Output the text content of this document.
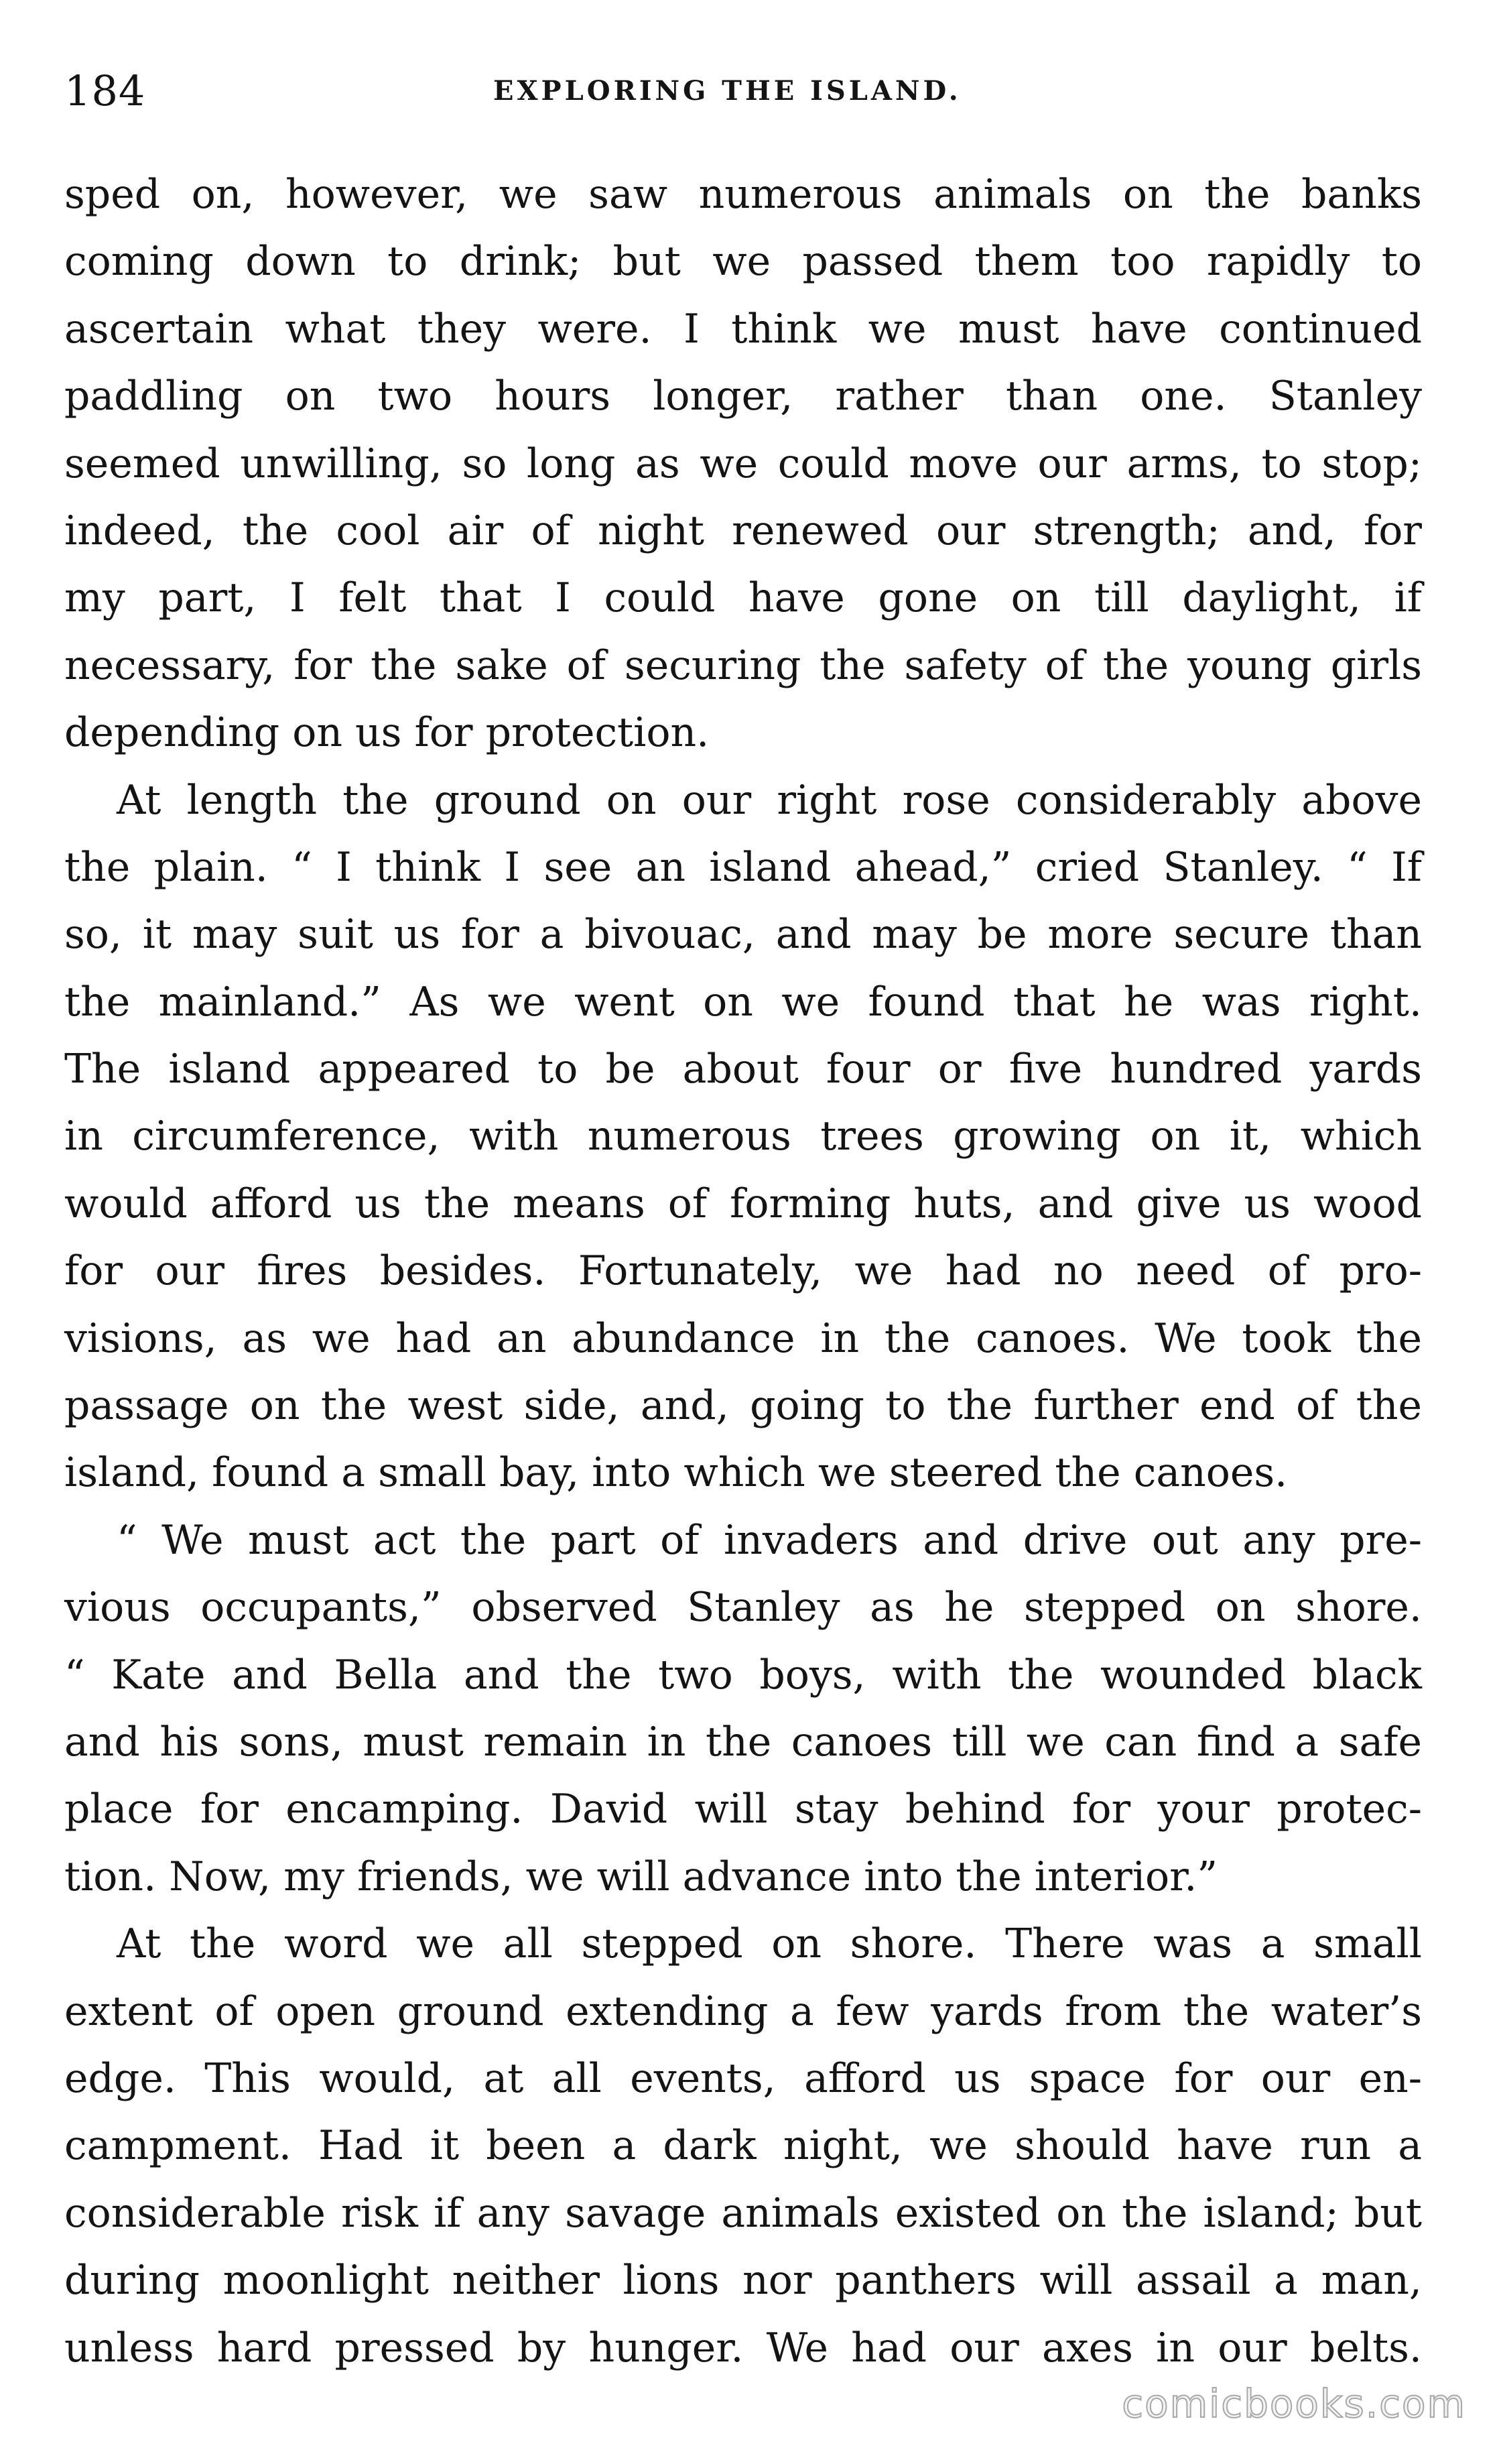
184	EXPLORING THE ISLAND.
sped on, however, we saw numerous animals on the banks
coming down to drink; but we passed them too rapidly to
ascertain what they were. I think we must have continued
paddling on two hours longer, rather than one. Stanley
seemed unwilling, so long as we could move our arms, to stop;
indeed, the cool air of night renewed our strength; and, for
my part, I felt that I could have gone on till daylight, if
necessary, for the sake of securing the safety of the young girls
depending on us for protection.
At length the ground on our right rose considerably above
the plain. “ I think I see an island ahead,” cried Stanley. “ If
so, it may suit us for a bivouac, and may be more secure than
the mainland.” As we went on we found that he was right.
The island appeared to be about four or five hundred yards
in circumference, with numerous trees growing on it, which
would afford us the means of forming huts, and give us wood
for our fires besides. Fortunately, we had no need of pro-
visions, as we had an abundance in the canoes. We took the
passage on the west side, and, going to the further end of the
island, found a small bay, into which we steered the canoes.
“ We must act the part of invaders and drive out any pre-
vious occupants,” observed Stanley as he stepped on shore.
“ Kate and Bella and the two boys, with the wounded black
and his sons, must remain in the canoes till we can find a safe
place for encamping. David will stay behind for your protec-
tion. Now, my friends, we will advance into the interior.”
At the word we all stepped on shore. There was a small
extent of open ground extending a few yards from the water’s
edge. This would, at all events, afford us space for our en-
campment. Had it been a dark night, we should have run a
considerable risk if any savage animals existed on the island; but
during moonlight neither lions nor panthers will assail a man,
unless hard pressed by hunger. We had our axes in our belts.
comicbooks.com
